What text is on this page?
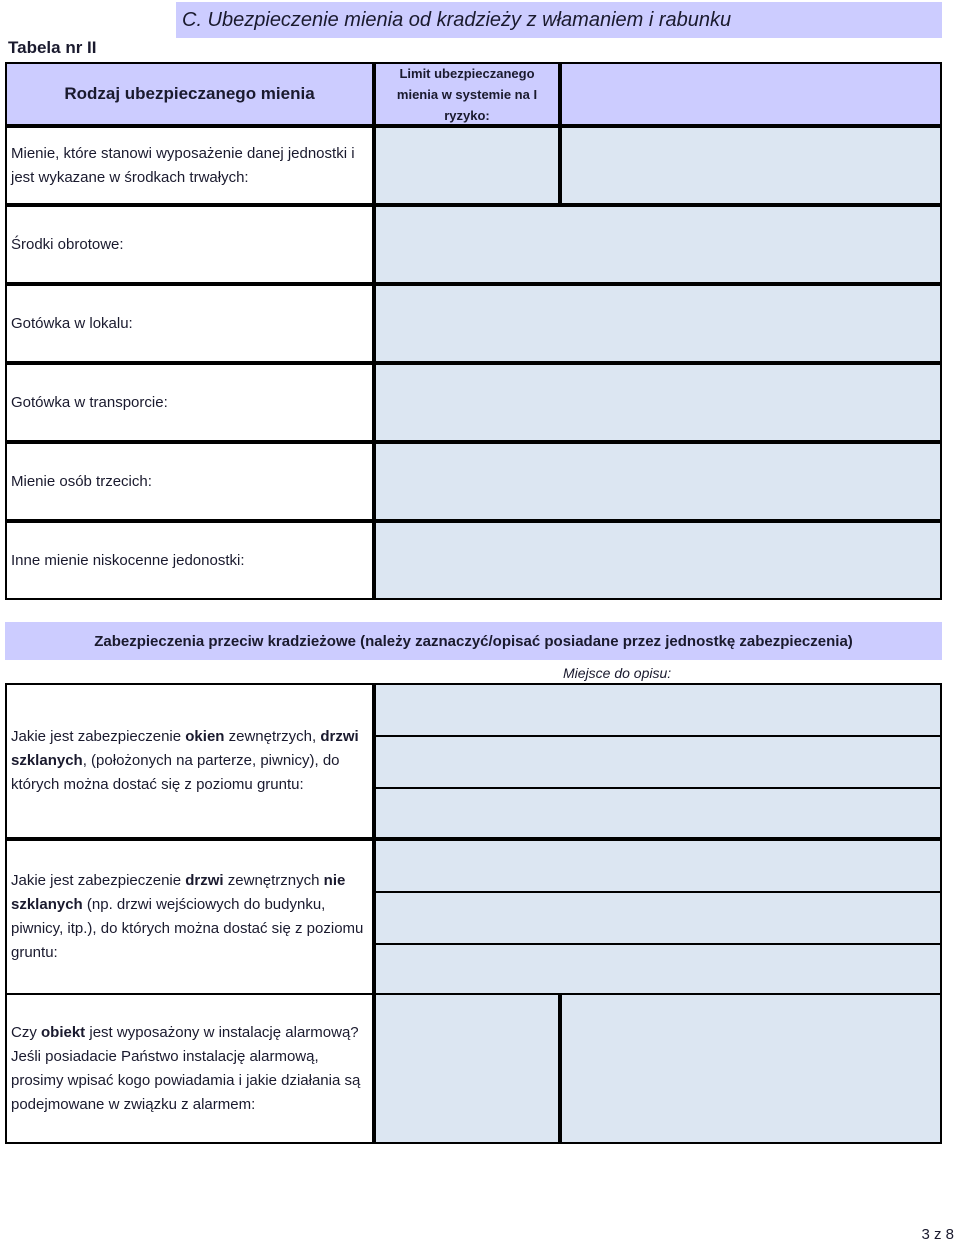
C. Ubezpieczenie mienia od kradzieży z włamaniem i rabunku
Tabela nr II
Rodzaj ubezpieczanego mienia
Limit ubezpieczanego mienia w systemie na I ryzyko:
Mienie, które stanowi wyposażenie danej jednostki i jest wykazane w środkach trwałych:
Środki obrotowe:
Gotówka w lokalu:
Gotówka w transporcie:
Mienie osób trzecich:
Inne mienie niskocenne jedonostki:
Zabezpieczenia przeciw kradzieżowe (należy zaznaczyć/opisać posiadane przez jednostkę zabezpieczenia)
Miejsce do opisu:
Jakie jest zabezpieczenie okien zewnętrzych, drzwi szklanych, (położonych na parterze, piwnicy), do których można dostać się z poziomu gruntu:
Jakie jest zabezpieczenie drzwi zewnętrznych nie szklanych (np. drzwi wejściowych do budynku, piwnicy, itp.), do których można dostać się z poziomu gruntu:
Czy obiekt jest wyposażony w instalację alarmową? Jeśli posiadacie Państwo instalację alarmową, prosimy wpisać kogo powiadamia i jakie działania są podejmowane w związku z alarmem:
3 z 8
